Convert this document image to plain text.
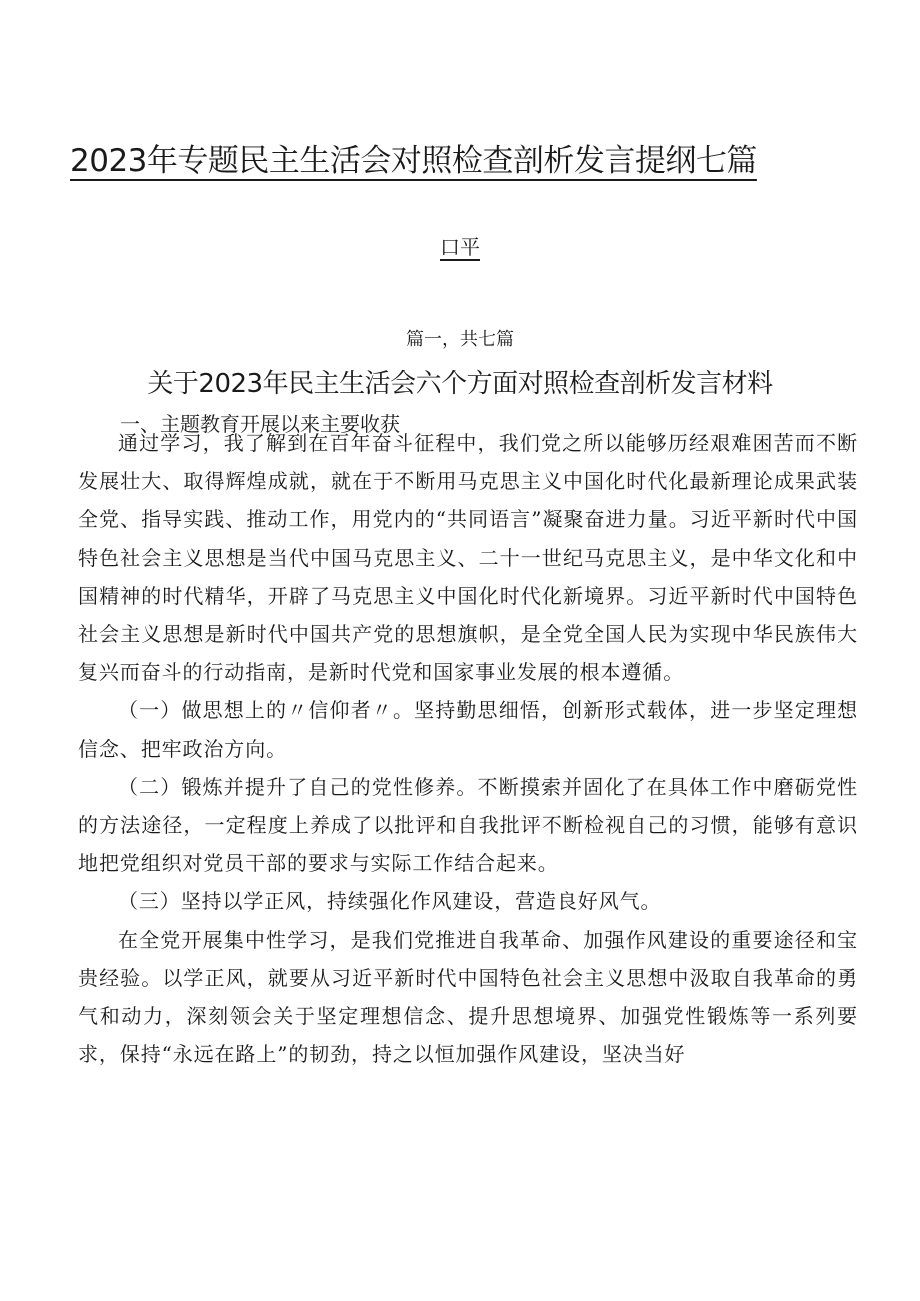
2023年专题民主生活会对照检查剖析发言提纲七篇
口平
篇一，共七篇
关于2023年民主生活会六个方面对照检查剖析发言材料
一、主题教育开展以来主要收获

通过学习，我了解到在百年奋斗征程中，我们党之所以能够历经艰难困苦而不断发展壮大、取得辉煌成就，就在于不断用马克思主义中国化时代化最新理论成果武装全党、指导实践、推动工作，用党内的“共同语言”凝聚奋进力量。习近平新时代中国特色社会主义思想是当代中国马克思主义、二十一世纪马克思主义，是中华文化和中国精神的时代精华，开辟了马克思主义中国化时代化新境界。习近平新时代中国特色社会主义思想是新时代中国共产党的思想旗帜，是全党全国人民为实现中华民族伟大复兴而奋斗的行动指南，是新时代党和国家事业发展的根本遵循。

（一）做思想上的〃信仰者〃。坚持勤思细悟，创新形式载体，进一步坚定理想信念、把牢政治方向。

（二）锻炼并提升了自己的党性修养。不断摸索并固化了在具体工作中磨砺党性的方法途径，一定程度上养成了以批评和自我批评不断检视自己的习惯，能够有意识地把党组织对党员干部的要求与实际工作结合起来。

（三）坚持以学正风，持续强化作风建设，营造良好风气。

在全党开展集中性学习，是我们党推进自我革命、加强作风建设的重要途径和宝贵经验。以学正风，就要从习近平新时代中国特色社会主义思想中汲取自我革命的勇气和动力，深刻领会关于坚定理想信念、提升思想境界、加强党性锻炼等一系列要求，保持“永远在路上”的韧劲，持之以恒加强作风建设，坚决当好
